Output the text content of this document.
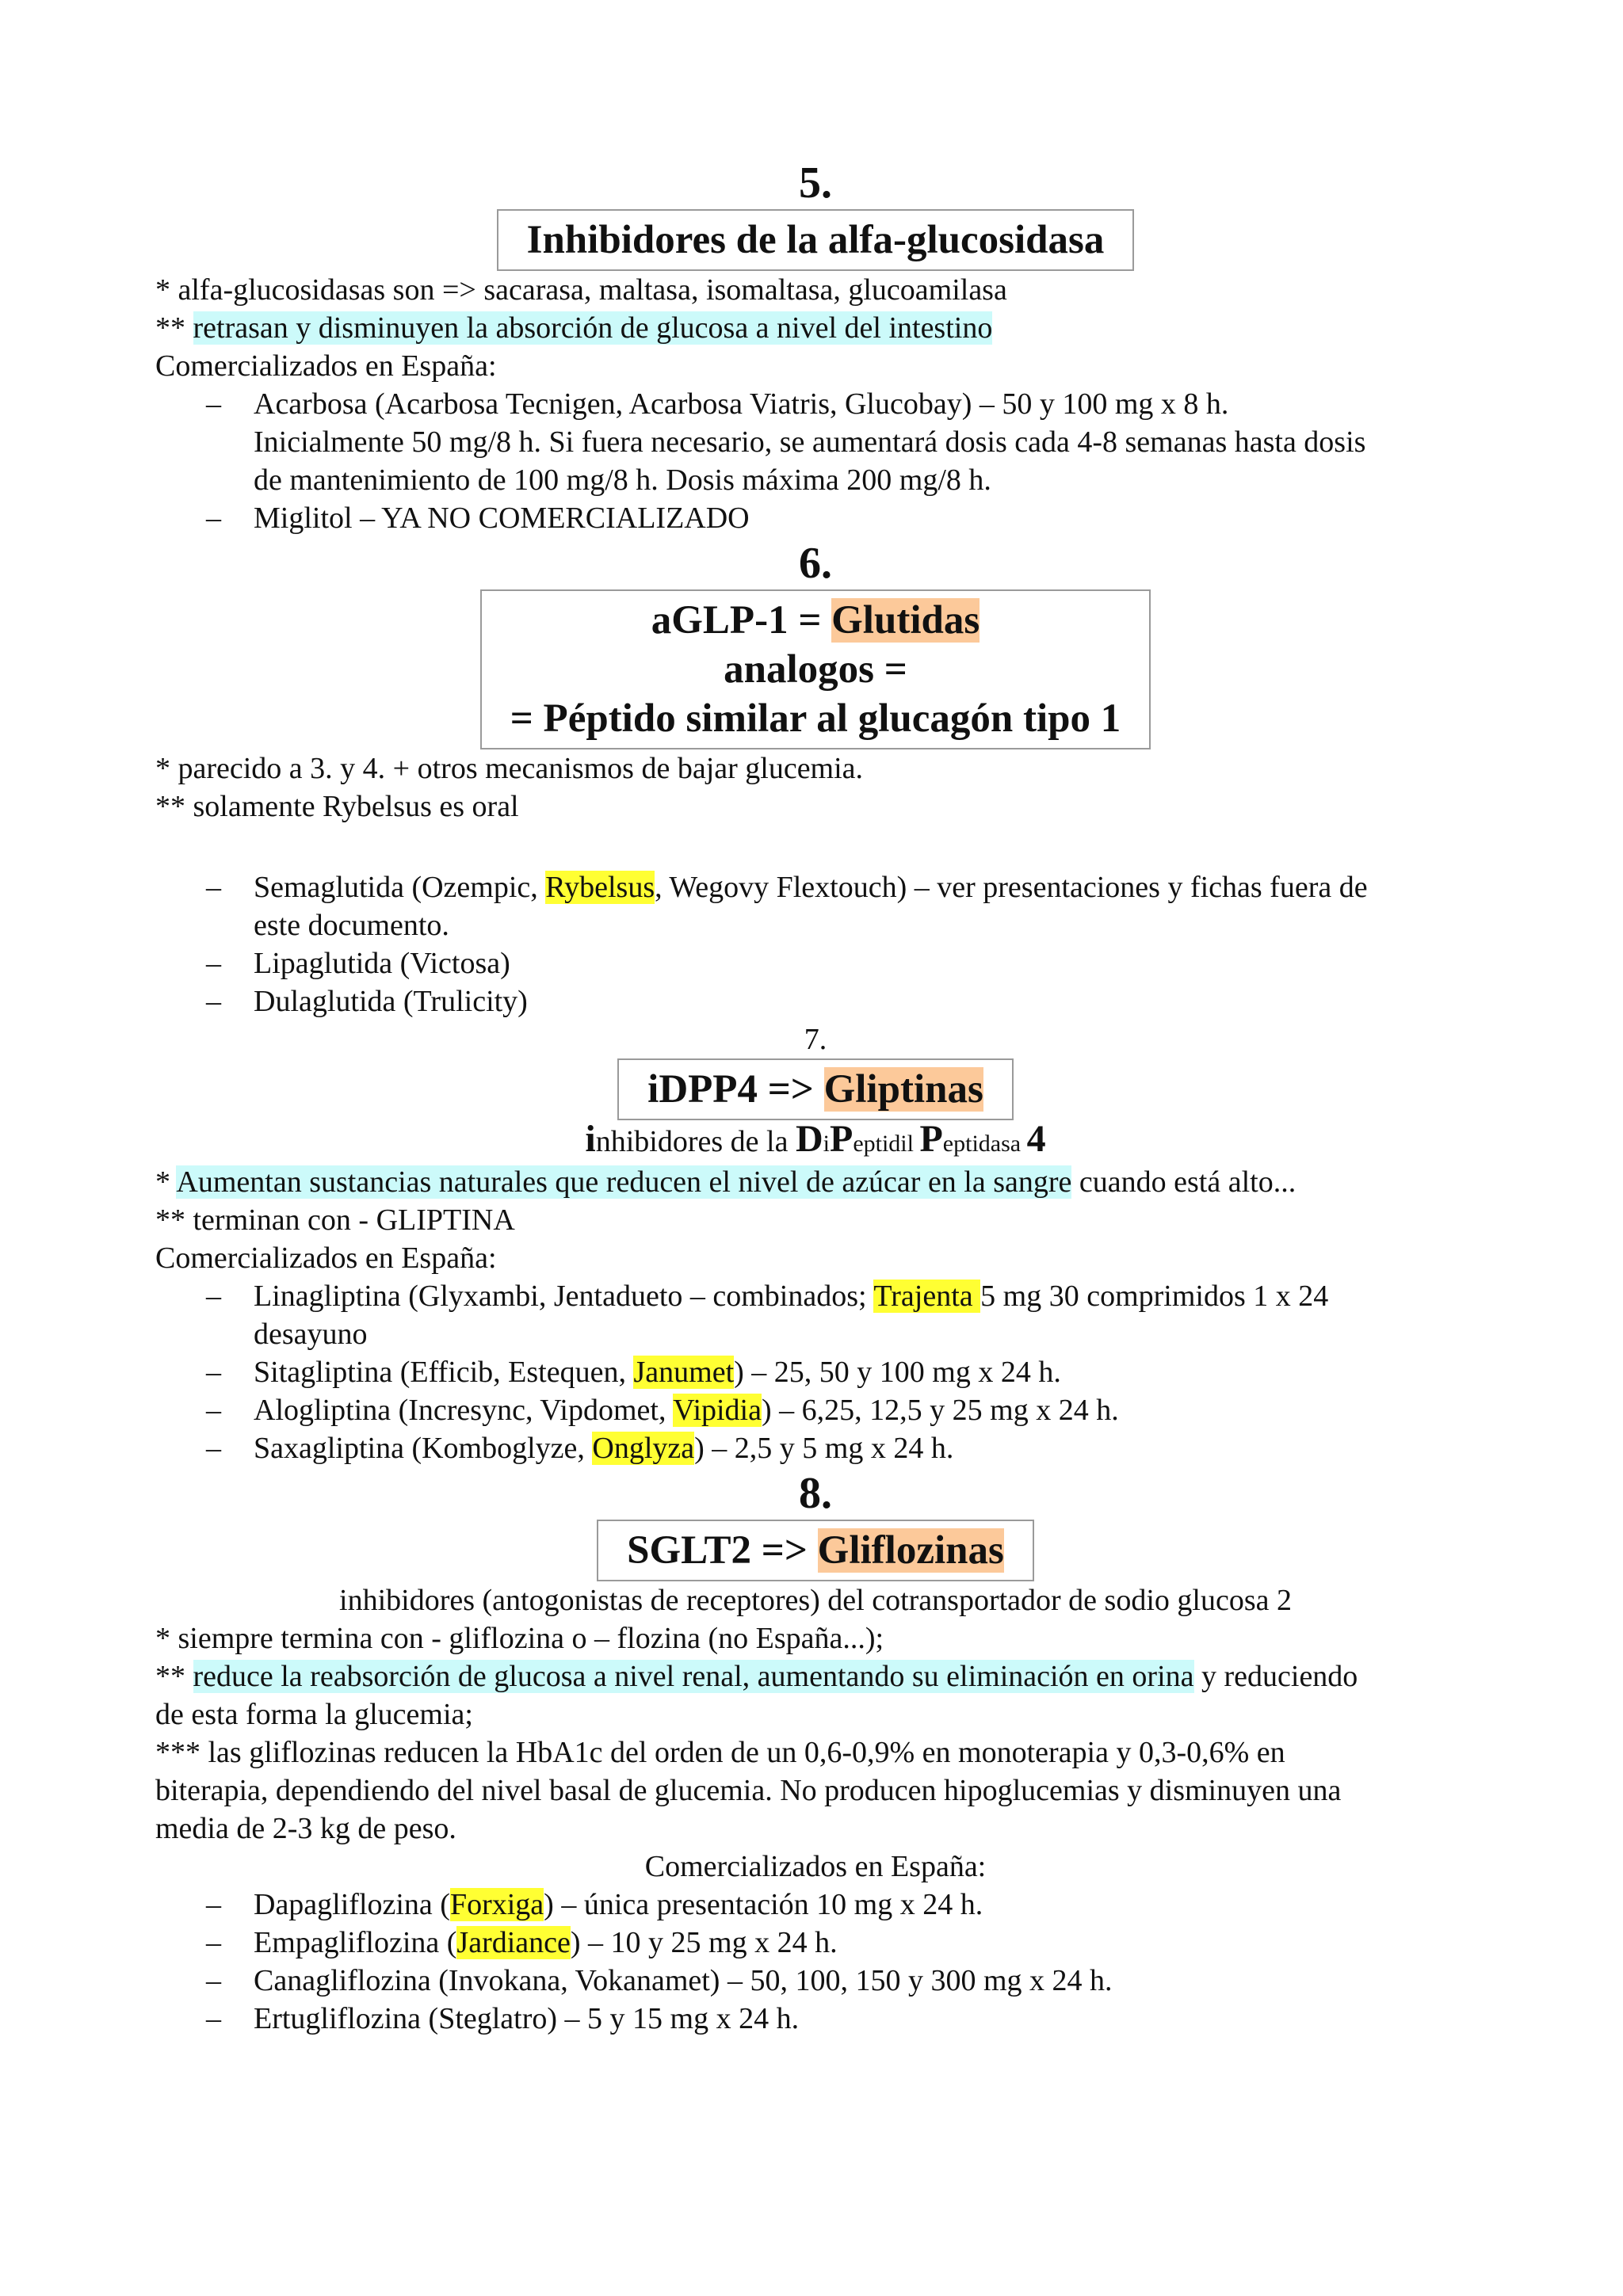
5.
Inhibidores de la alfa-glucosidasa

* alfa-glucosidasas son => sacarasa, maltasa, isomaltasa, glucoamilasa

** retrasan y disminuyen la absorción de glucosa a nivel del intestino

Comercializados en España:

– Acarbosa (Acarbosa Tecnigen, Acarbosa Viatris, Glucobay) – 50 y 100 mg x 8 h.
Inicialmente 50 mg/8 h. Si fuera necesario, se aumentará dosis cada 4-8 semanas hasta dosis
de mantenimiento de 100 mg/8 h. Dosis máxima 200 mg/8 h.
– Miglitol – YA NO COMERCIALIZADO
6.
aGLP-1 = Glutidas
analogos =
= Péptido similar al glucagón tipo 1

* parecido a 3. y 4. + otros mecanismos de bajar glucemia.

** solamente Rybelsus es oral

– Semaglutida (Ozempic, Rybelsus, Wegovy Flextouch) – ver presentaciones y fichas fuera de
este documento.
– Lipaglutida (Victosa)
– Dulaglutida (Trulicity)
7.
iDPP4 => Gliptinas

inhibidores de la DiPeptidil Peptidasa 4

* Aumentan sustancias naturales que reducen el nivel de azúcar en la sangre cuando está alto...

** terminan con - GLIPTINA

Comercializados en España:

– Linagliptina (Glyxambi, Jentadueto – combinados; Trajenta 5 mg 30 comprimidos 1 x 24
desayuno
– Sitagliptina (Efficib, Estequen, Janumet) – 25, 50 y 100 mg x 24 h.
– Alogliptina (Incresync, Vipdomet, Vipidia) – 6,25, 12,5 y 25 mg x 24 h.
– Saxagliptina (Komboglyze, Onglyza) – 2,5 y 5 mg x 24 h.
8.
SGLT2 => Gliflozinas

inhibidores (antogonistas de receptores) del cotransportador de sodio glucosa 2

* siempre termina con - gliflozina o – flozina (no España...);

** reduce la reabsorción de glucosa a nivel renal, aumentando su eliminación en orina y reduciendo
de esta forma la glucemia;

*** las gliflozinas reducen la HbA1c del orden de un 0,6-0,9% en monoterapia y 0,3-0,6% en
biterapia, dependiendo del nivel basal de glucemia. No producen hipoglucemias y disminuyen una
media de 2-3 kg de peso.

Comercializados en España:

– Dapagliflozina (Forxiga) – única presentación 10 mg x 24 h.
– Empagliflozina (Jardiance) – 10 y 25 mg x 24 h.
– Canagliflozina (Invokana, Vokanamet) – 50, 100, 150 y 300 mg x 24 h.
– Ertugliflozina (Steglatro) – 5 y 15 mg x 24 h.
